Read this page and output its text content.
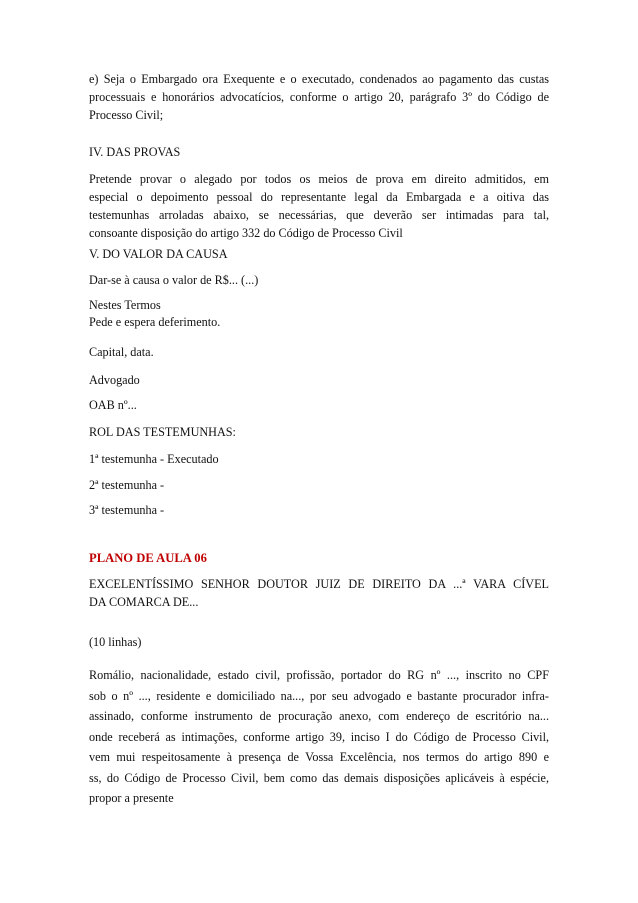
e) Seja o Embargado ora Exequente e o executado, condenados ao pagamento das custas
processuais e honorários advocatícios, conforme o artigo 20, parágrafo 3º do Código de
Processo Civil;
IV. DAS PROVAS
Pretende provar o alegado por todos os meios de prova em direito admitidos, em
especial o depoimento pessoal do representante legal da Embargada e a oitiva das
testemunhas arroladas abaixo, se necessárias, que deverão ser intimadas para tal,
consoante disposição do artigo 332 do Código de Processo Civil
V. DO VALOR DA CAUSA
Dar-se à causa o valor de R$... (...)
Nestes Termos
Pede e espera deferimento.
Capital, data.
Advogado
OAB nº...
ROL DAS TESTEMUNHAS:
1ª testemunha - Executado
2ª testemunha -
3ª testemunha -
PLANO DE AULA 06
EXCELENTÍSSIMO SENHOR DOUTOR JUIZ DE DIREITO DA ...ª VARA CÍVEL
DA COMARCA DE...
(10 linhas)
Romálio, nacionalidade, estado civil, profissão, portador do RG nº ..., inscrito no CPF
sob o nº ..., residente e domiciliado na..., por seu advogado e bastante procurador infra-
assinado, conforme instrumento de procuração anexo, com endereço de escritório na...
onde receberá as intimações, conforme artigo 39, inciso I do Código de Processo Civil,
vem mui respeitosamente à presença de Vossa Excelência, nos termos do artigo 890 e
ss, do Código de Processo Civil, bem como das demais disposições aplicáveis à espécie,
propor a presente
